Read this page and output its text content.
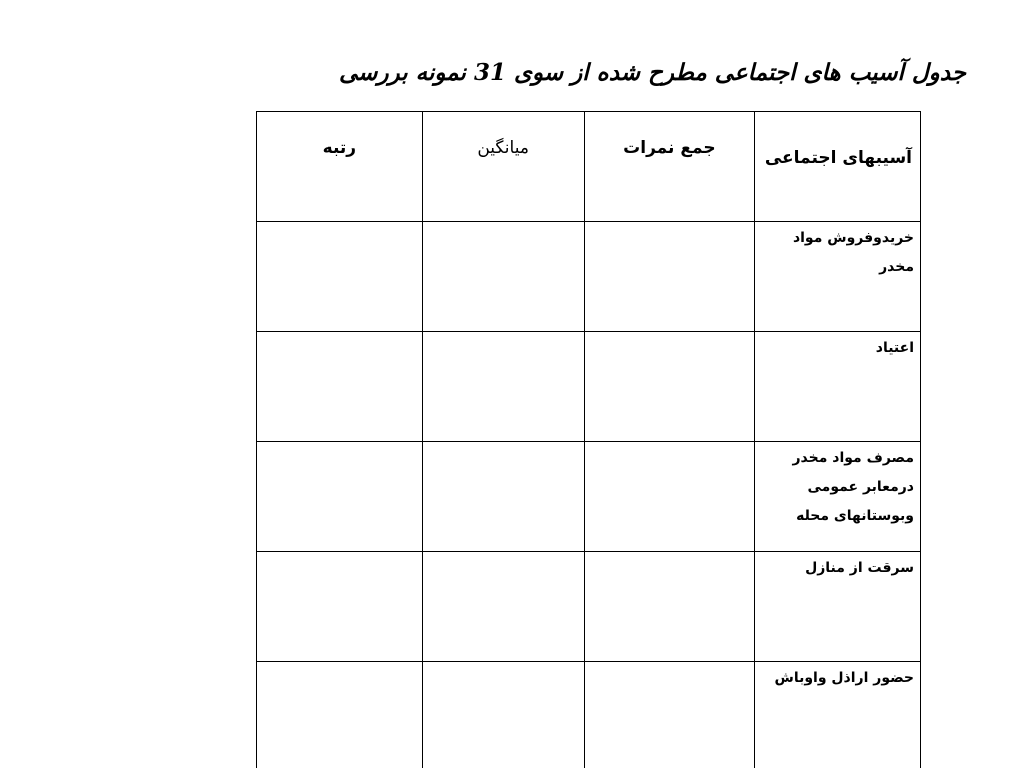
جدول آسیب های اجتماعی مطرح شده از سوی 31 نمونه بررسی
آسیبهای اجتماعی	جمع نمرات	میانگین	رتبه

خریدوفروش مواد مخدر			

اعتیاد			

مصرف مواد مخدر درمعابر عمومی وبوستانهای محله			

سرقت از منازل			

حضور اراذل واوباش			
